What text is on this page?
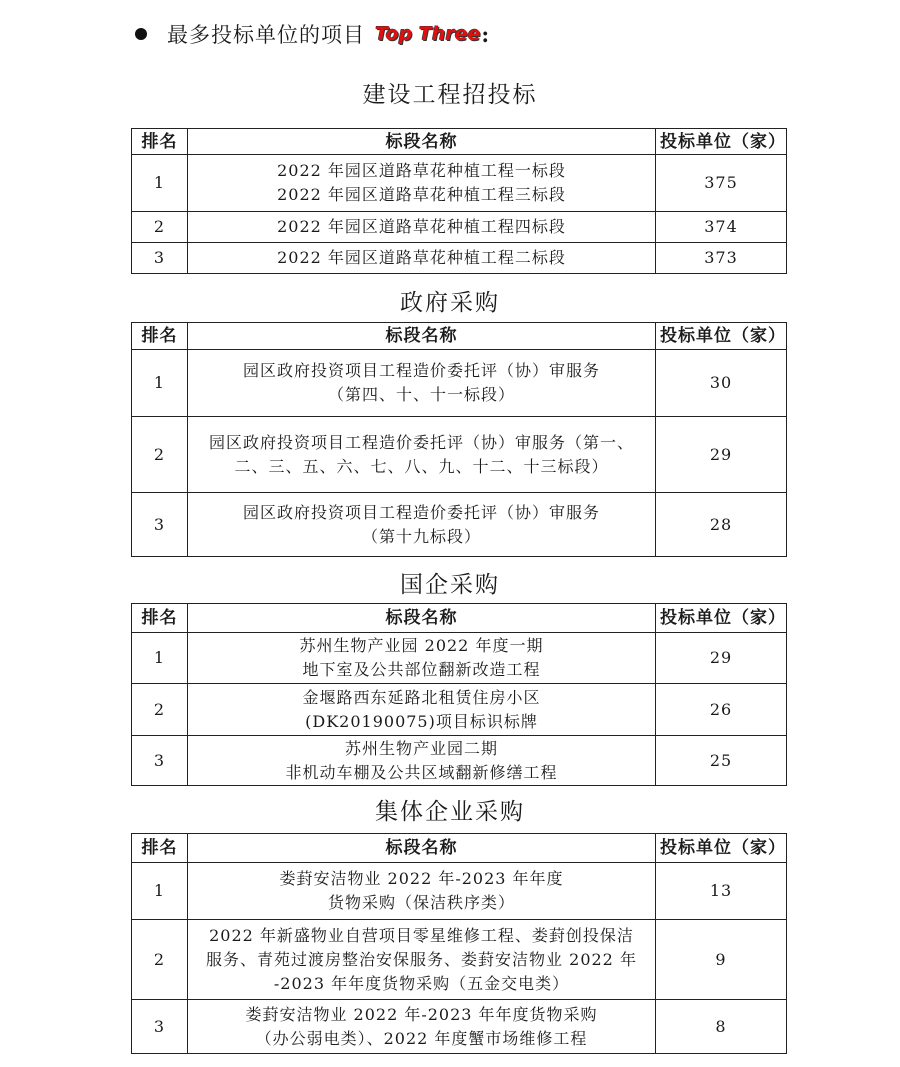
最多投标单位的项目 Top Three :
建设工程招投标
排名	标段名称	投标单位（家）
1	2022 年园区道路草花种植工程一标段
2022 年园区道路草花种植工程三标段	375
2	2022 年园区道路草花种植工程四标段	374
3	2022 年园区道路草花种植工程二标段	373
政府采购
排名	标段名称	投标单位（家）
1	园区政府投资项目工程造价委托评（协）审服务
（第四、十、十一标段）	30
2	园区政府投资项目工程造价委托评（协）审服务（第一、
二、三、五、六、七、八、九、十二、十三标段）	29
3	园区政府投资项目工程造价委托评（协）审服务
（第十九标段）	28
国企采购
排名	标段名称	投标单位（家）
1	苏州生物产业园 2022 年度一期
地下室及公共部位翻新改造工程	29
2	金堰路西东延路北租赁住房小区
(DK20190075)项目标识标牌	26
3	苏州生物产业园二期
非机动车棚及公共区域翻新修缮工程	25
集体企业采购
排名	标段名称	投标单位（家）
1	娄葑安洁物业 2022 年-2023 年年度
货物采购（保洁秩序类）	13
2	2022 年新盛物业自营项目零星维修工程、娄葑创投保洁
服务、青苑过渡房整治安保服务、娄葑安洁物业 2022 年
-2023 年年度货物采购（五金交电类）	9
3	娄葑安洁物业 2022 年-2023 年年度货物采购
（办公弱电类）、2022 年度蟹市场维修工程	8
